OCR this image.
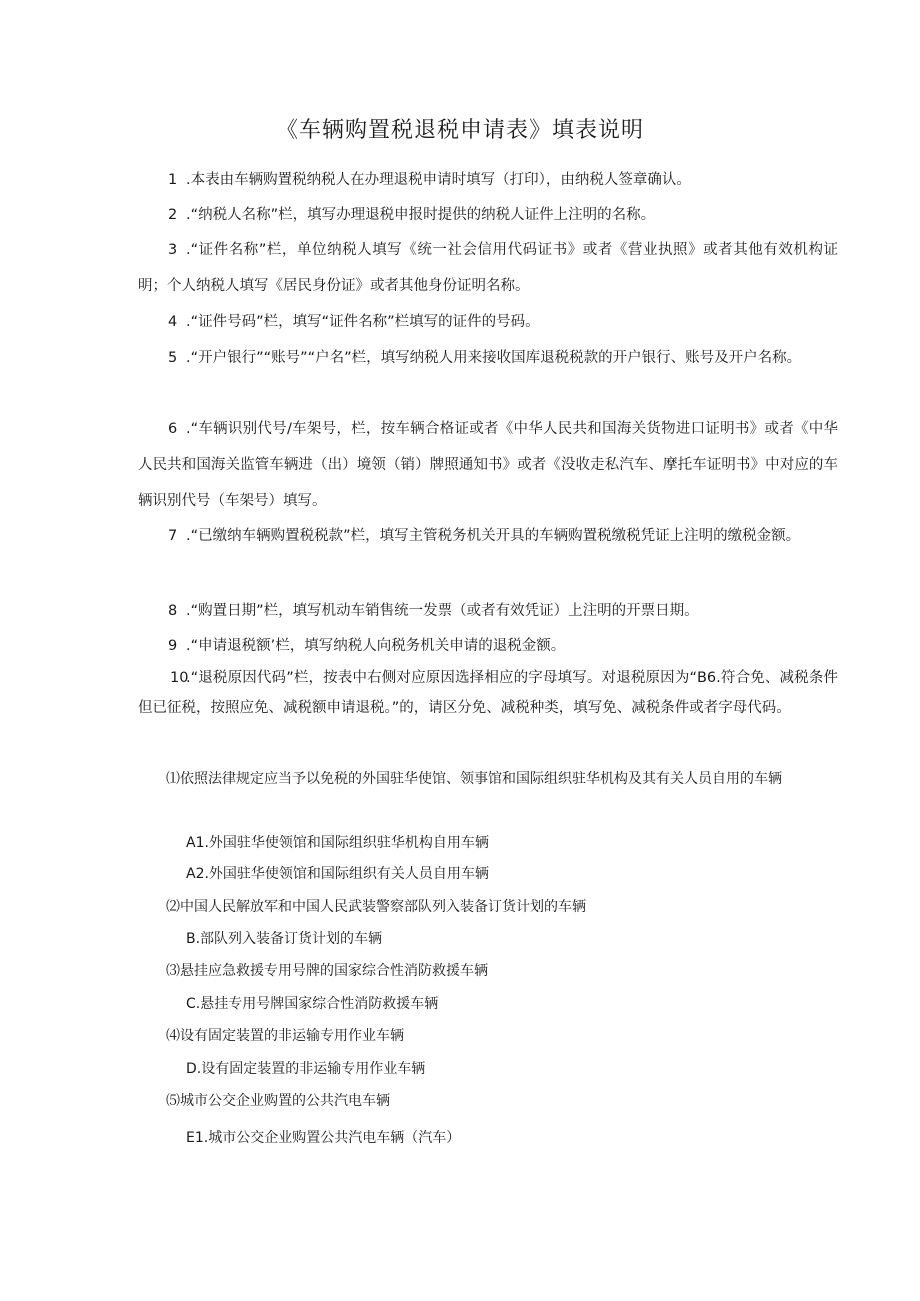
《车辆购置税退税申请表》填表说明
1 .本表由车辆购置税纳税人在办理退税申请时填写（打印），由纳税人签章确认。
2 .“纳税人名称”栏，填写办理退税申报时提供的纳税人证件上注明的名称。
3 .“证件名称”栏，单位纳税人填写《统一社会信用代码证书》或者《营业执照》或者其他有效机构证明；个人纳税人填写《居民身份证》或者其他身份证明名称。
4 .“证件号码”栏，填写“证件名称”栏填写的证件的号码。
5 .“开户银行”“账号”“户名”栏，填写纳税人用来接收国库退税税款的开户银行、账号及开户名称。
6 .“车辆识别代号/车架号，栏，按车辆合格证或者《中华人民共和国海关货物进口证明书》或者《中华人民共和国海关监管车辆进（出）境领（销）牌照通知书》或者《没收走私汽车、摩托车证明书》中对应的车辆识别代号（车架号）填写。
7 .“已缴纳车辆购置税税款”栏，填写主管税务机关开具的车辆购置税缴税凭证上注明的缴税金额。
8 .“购置日期”栏，填写机动车销售统一发票（或者有效凭证）上注明的开票日期。
9 .“申请退税额’栏，填写纳税人向税务机关申请的退税金额。
10.“退税原因代码”栏，按表中右侧对应原因选择相应的字母填写。对退税原因为“B6.符合免、减税条件但已征税，按照应免、减税额申请退税。”的，请区分免、减税种类，填写免、减税条件或者字母代码。
⑴依照法律规定应当予以免税的外国驻华使馆、领事馆和国际组织驻华机构及其有关人员自用的车辆
A1.外国驻华使领馆和国际组织驻华机构自用车辆
A2.外国驻华使领馆和国际组织有关人员自用车辆
⑵中国人民解放军和中国人民武装警察部队列入装备订货计划的车辆
B.部队列入装备订货计划的车辆
⑶悬挂应急救援专用号牌的国家综合性消防救援车辆
C.悬挂专用号牌国家综合性消防救援车辆
⑷设有固定装置的非运输专用作业车辆
D.设有固定装置的非运输专用作业车辆
⑸城市公交企业购置的公共汽电车辆
E1.城市公交企业购置公共汽电车辆（汽车）
